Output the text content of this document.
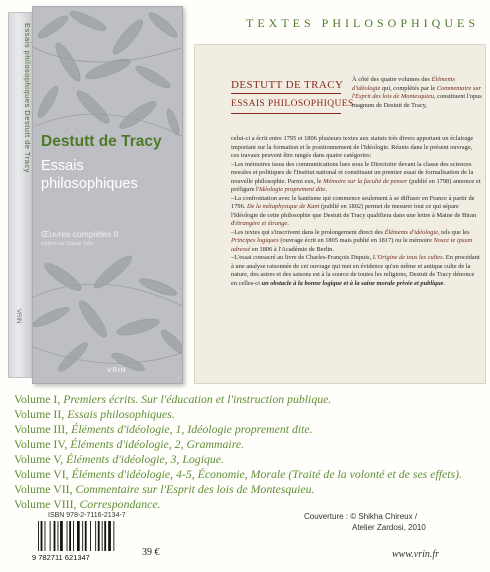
Essais philosophiques Destutt de Tracy
VRIN
Destutt de Tracy
Essais philosophiques
Œuvres complètes II
édition par Claude Jolly
VRIN
TEXTES PHILOSOPHIQUES
DESTUTT DE TRACY
ESSAIS PHILOSOPHIQUES
À côté des quatre volumes des Éléments d'idéologie qui, complétés par le Commentaire sur l'Esprit des lois de Montesquieu, constituent l'opus magnum de Destutt de Tracy,

celui-ci a écrit entre 1795 et 1806 plusieurs textes aux statuts très divers apportant un éclairage important sur la formation et le positionnement de l'Idéologie. Réunis dans le présent ouvrage, ces travaux peuvent être rangés dans quatre catégories:

–Les mémoires issus des communications lues sous le Directoire devant la classe des sciences morales et politiques de l'Institut national et constituant un premier essai de formalisation de la nouvelle philosophie. Parmi eux, le Mémoire sur la faculté de penser (publié en 1798) annonce et préfigure l'Idéologie proprement dite.

–La confrontation avec le kantisme qui commence seulement à se diffuser en France à partir de 1796. De la métaphysique de Kant (publié en 1802) permet de mesurer tout ce qui sépare l'Idéologie de cette philosophie que Destutt de Tracy qualifiera dans une lettre à Maine de Biran d'étrangère et étrange.

–Les textes qui s'inscrivent dans le prolongement direct des Éléments d'idéologie, tels que les Principes logiques (ouvrage écrit en 1805 mais publié en 1817) ou le mémoire Nosce te ipsum adressé en 1806 à l'Académie de Berlin.

–L'essai consacré au livre de Charles-François Dupuis, L'Origine de tous les cultes. En procédant à une analyse raisonnée de cet ouvrage qui met en évidence qu'un même et antique culte de la nature, des astres et des saisons est à la source de toutes les religions, Destutt de Tracy dénonce en celles-ci un obstacle à la bonne logique et à la saine morale privée et publique.

Volume I, Premiers écrits. Sur l'éducation et l'instruction publique.
Volume II, Essais philosophiques.
Volume III, Éléments d'idéologie, 1, Idéologie proprement dite.
Volume IV, Éléments d'idéologie, 2, Grammaire.
Volume V, Éléments d'idéologie, 3, Logique.
Volume VI, Éléments d'idéologie, 4-5, Économie, Morale (Traité de la volonté et de ses effets).
Volume VII, Commentaire sur l'Esprit des lois de Montesquieu.
Volume VIII, Correspondance.
ISBN 978-2-7116-2134-7
9 782711 621347	39 €
Couverture : © Shikha Chireux /
Atelier Zardosi, 2010
www.vrin.fr
